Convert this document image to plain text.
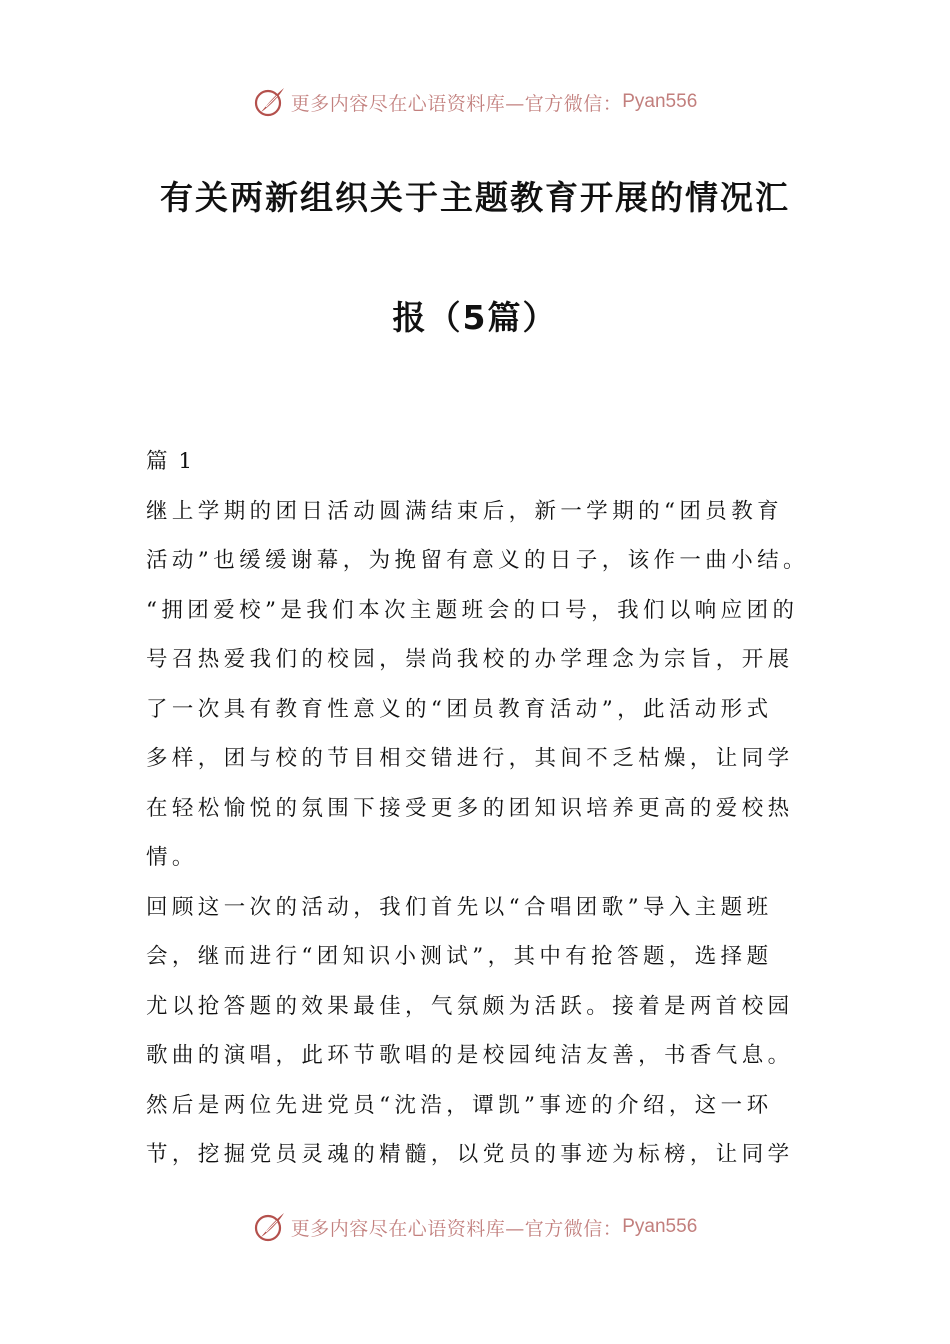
更多内容尽在心语资料库—官方微信： Pyan556
有关两新组织关于主题教育开展的情况汇
报（5篇）
篇 1
继上学期的团日活动圆满结束后，新一学期的“团员教育
活动”也缓缓谢幕，为挽留有意义的日子，该作一曲小结。
“拥团爱校”是我们本次主题班会的口号，我们以响应团的
号召热爱我们的校园，崇尚我校的办学理念为宗旨，开展
了一次具有教育性意义的“团员教育活动”，此活动形式
多样，团与校的节目相交错进行，其间不乏枯燥，让同学
在轻松愉悦的氛围下接受更多的团知识培养更高的爱校热
情。
回顾这一次的活动，我们首先以“合唱团歌”导入主题班
会，继而进行“团知识小测试”，其中有抢答题，选择题
尤以抢答题的效果最佳，气氛颇为活跃。接着是两首校园
歌曲的演唱，此环节歌唱的是校园纯洁友善，书香气息。
然后是两位先进党员“沈浩，谭凯”事迹的介绍，这一环
节，挖掘党员灵魂的精髓，以党员的事迹为标榜，让同学
更多内容尽在心语资料库—官方微信： Pyan556
